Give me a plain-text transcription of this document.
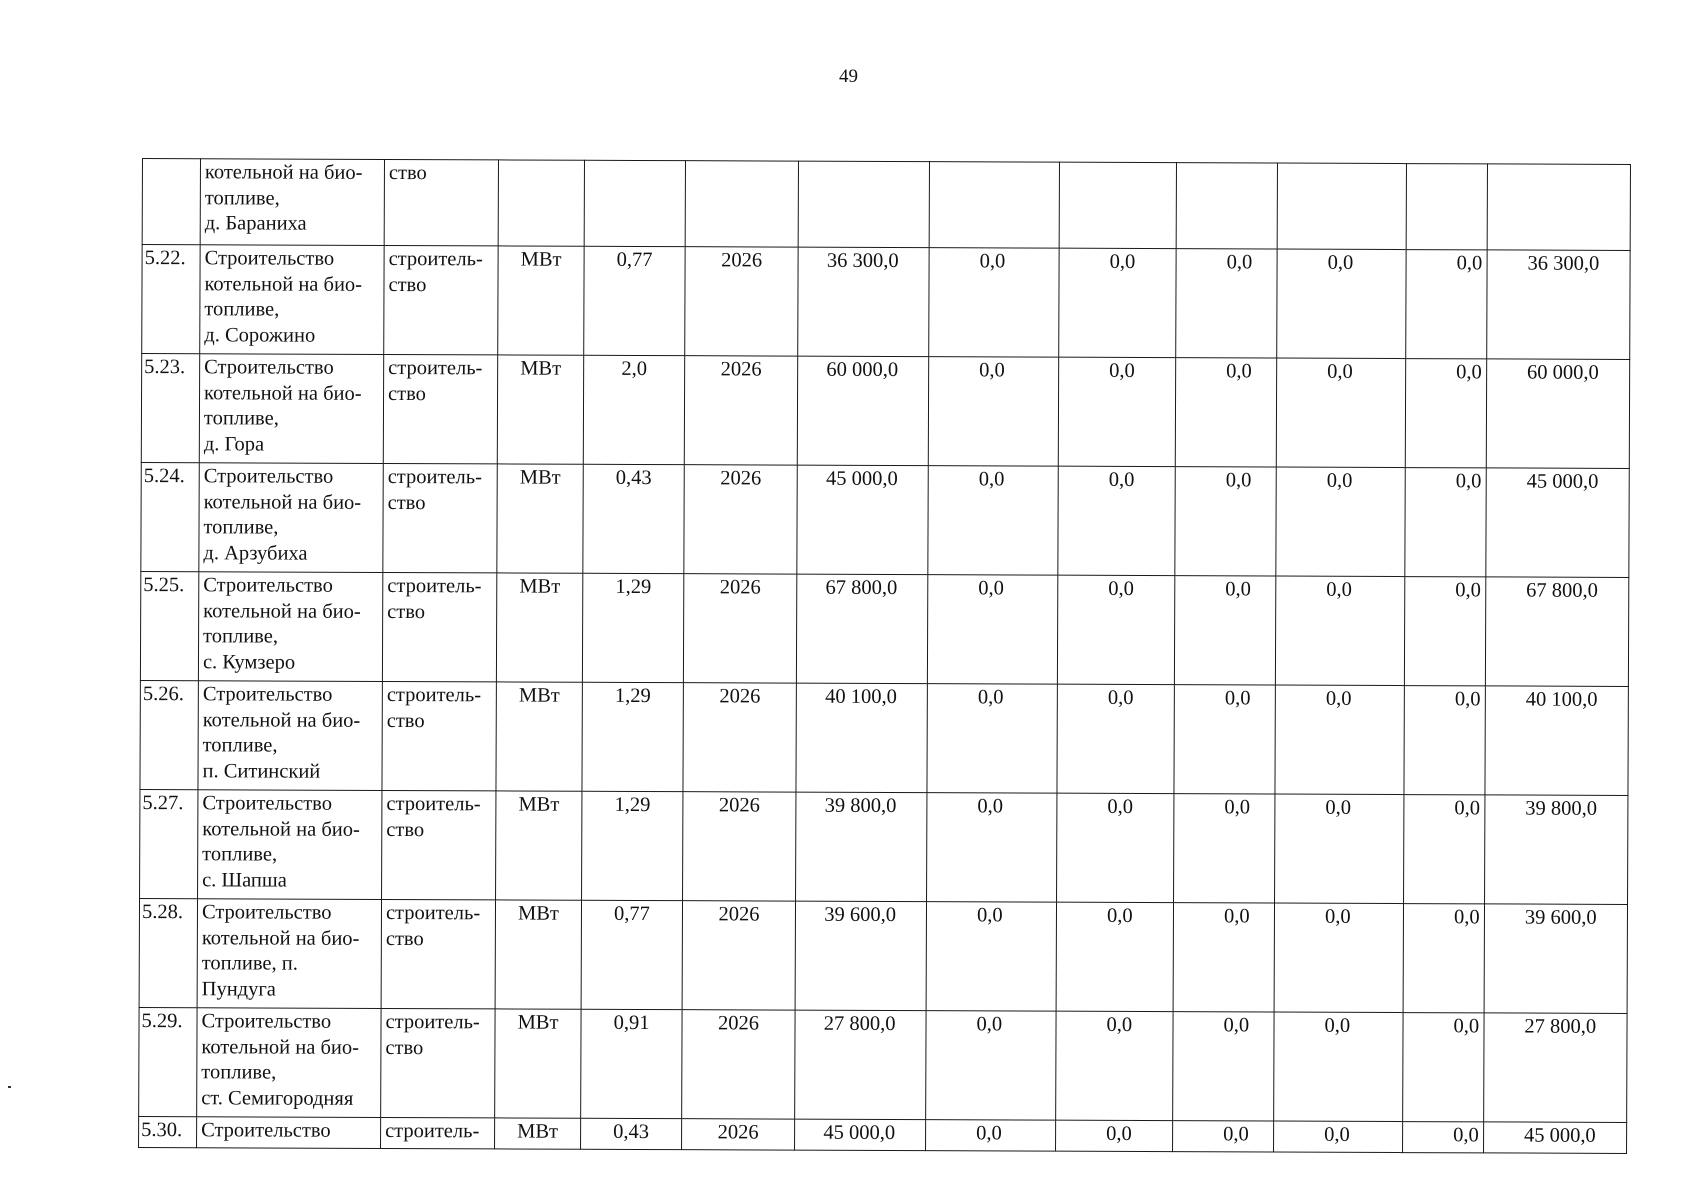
49

	котельной на био-
топливе,
д. Бараниха	ство										

5.22.	Строительство
котельной на био-
топливе,
д. Сорожино	строитель-
ство	МВт	0,77	2026	36 300,0	0,0	0,0	0,0	0,0	0,0	36 300,0
5.23.	Строительство
котельной на био-
топливе,
д. Гора	строитель-
ство	МВт	2,0	2026	60 000,0	0,0	0,0	0,0	0,0	0,0	60 000,0
5.24.	Строительство
котельной на био-
топливе,
д. Арзубиха	строитель-
ство	МВт	0,43	2026	45 000,0	0,0	0,0	0,0	0,0	0,0	45 000,0
5.25.	Строительство
котельной на био-
топливе,
с. Кумзеро	строитель-
ство	МВт	1,29	2026	67 800,0	0,0	0,0	0,0	0,0	0,0	67 800,0
5.26.	Строительство
котельной на био-
топливе,
п. Ситинский	строитель-
ство	МВт	1,29	2026	40 100,0	0,0	0,0	0,0	0,0	0,0	40 100,0
5.27.	Строительство
котельной на био-
топливе,
с. Шапша	строитель-
ство	МВт	1,29	2026	39 800,0	0,0	0,0	0,0	0,0	0,0	39 800,0
5.28.	Строительство
котельной на био-
топливе, п.
Пундуга	строитель-
ство	МВт	0,77	2026	39 600,0	0,0	0,0	0,0	0,0	0,0	39 600,0
5.29.	Строительство
котельной на био-
топливе,
ст. Семигородняя	строитель-
ство	МВт	0,91	2026	27 800,0	0,0	0,0	0,0	0,0	0,0	27 800,0
5.30.	Строительство	строитель-	МВт	0,43	2026	45 000,0	0,0	0,0	0,0	0,0	0,0	45 000,0
